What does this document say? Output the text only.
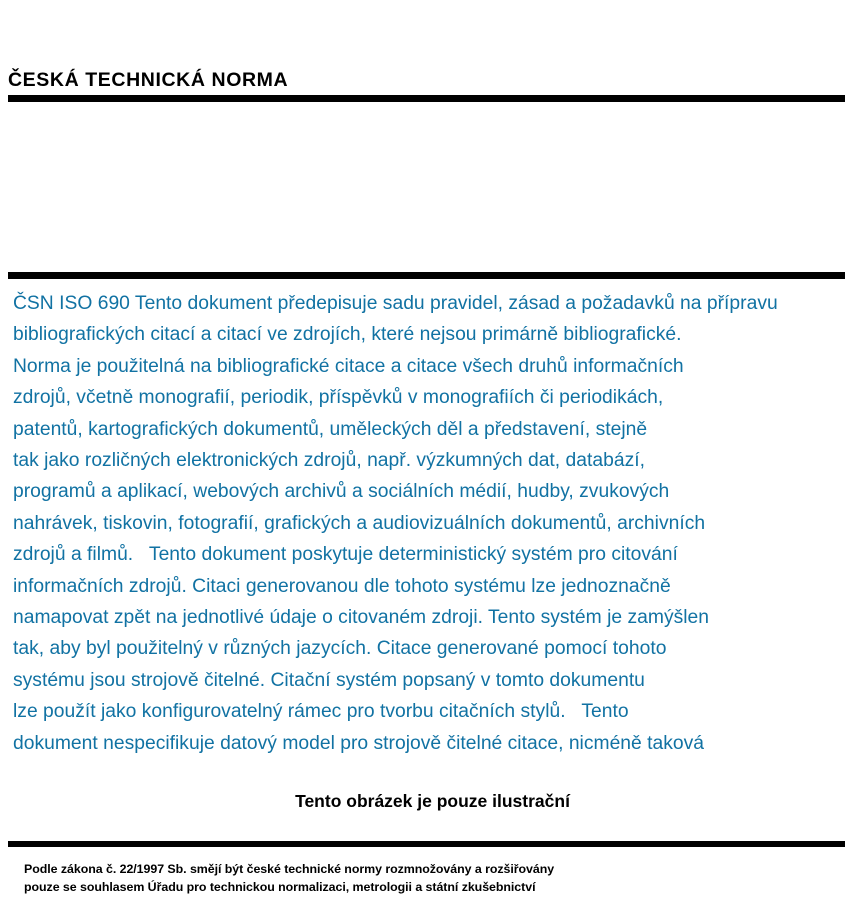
ČESKÁ TECHNICKÁ NORMA
ČSN ISO 690 Tento dokument předepisuje sadu pravidel, zásad a požadavků na přípravu
bibliografických citací a citací ve zdrojích, které nejsou primárně bibliografické.
Norma je použitelná na bibliografické citace a citace všech druhů informačních
zdrojů, včetně monografií, periodik, příspěvků v monografiích či periodikách,
patentů, kartografických dokumentů, uměleckých děl a představení, stejně
tak jako rozličných elektronických zdrojů, např. výzkumných dat, databází,
programů a aplikací, webových archivů a sociálních médií, hudby, zvukových
nahrávek, tiskovin, fotografií, grafických a audiovizuálních dokumentů, archivních
zdrojů a filmů.   Tento dokument poskytuje deterministický systém pro citování
informačních zdrojů. Citaci generovanou dle tohoto systému lze jednoznačně
namapovat zpět na jednotlivé údaje o citovaném zdroji. Tento systém je zamýšlen
tak, aby byl použitelný v různých jazycích. Citace generované pomocí tohoto
systému jsou strojově čitelné. Citační systém popsaný v tomto dokumentu
lze použít jako konfigurovatelný rámec pro tvorbu citačních stylů.   Tento
dokument nespecifikuje datový model pro strojově čitelné citace, nicméně taková
Tento obrázek je pouze ilustrační
Podle zákona č. 22/1997 Sb. smějí být české technické normy rozmnožovány a rozšiřovány
pouze se souhlasem Úřadu pro technickou normalizaci, metrologii a státní zkušebnictví
